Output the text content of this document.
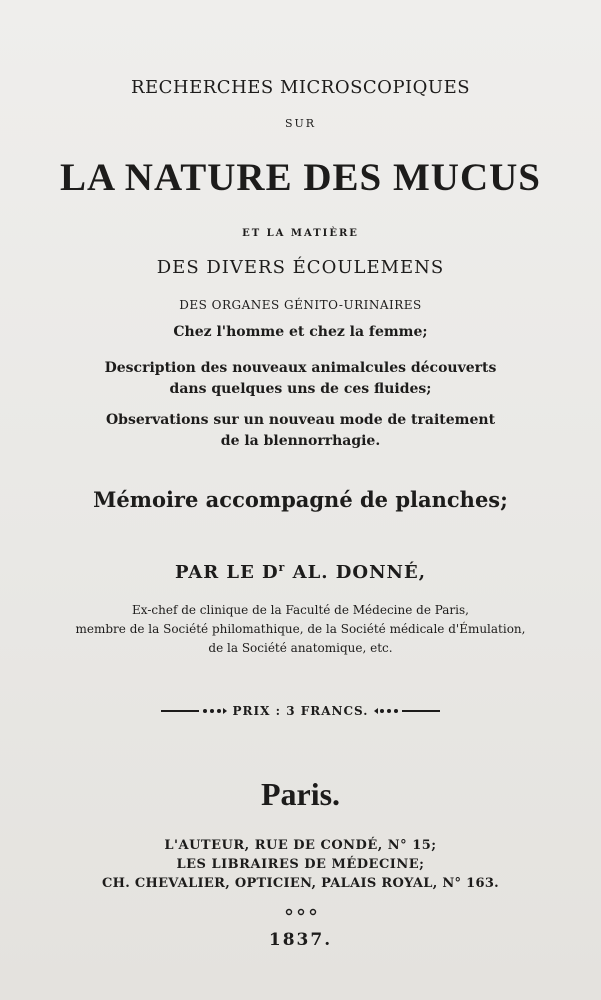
RECHERCHES MICROSCOPIQUES
SUR
LA NATURE DES MUCUS
ET LA MATIÈRE
DES DIVERS ÉCOULEMENS
DES ORGANES GÉNITO-URINAIRES
Chez l'homme et chez la femme;
Description des nouveaux animalcules découverts
dans quelques uns de ces fluides;
Observations sur un nouveau mode de traitement
de la blennorrhagie.
Mémoire accompagné de planches;
PAR LE $D^r$ AL. DONNÉ,
Ex-chef de clinique de la Faculté de Médecine de Paris,
membre de la Société philomathique, de la Société médicale d'Émulation,
de la Société anatomique, etc.
PRIX : 3 FRANCS.
Paris.
L'AUTEUR, RUE DE CONDÉ, N° 15;
LES LIBRAIRES DE MÉDECINE;
CH. CHEVALIER, OPTICIEN, PALAIS ROYAL, N° 163.
1837.
